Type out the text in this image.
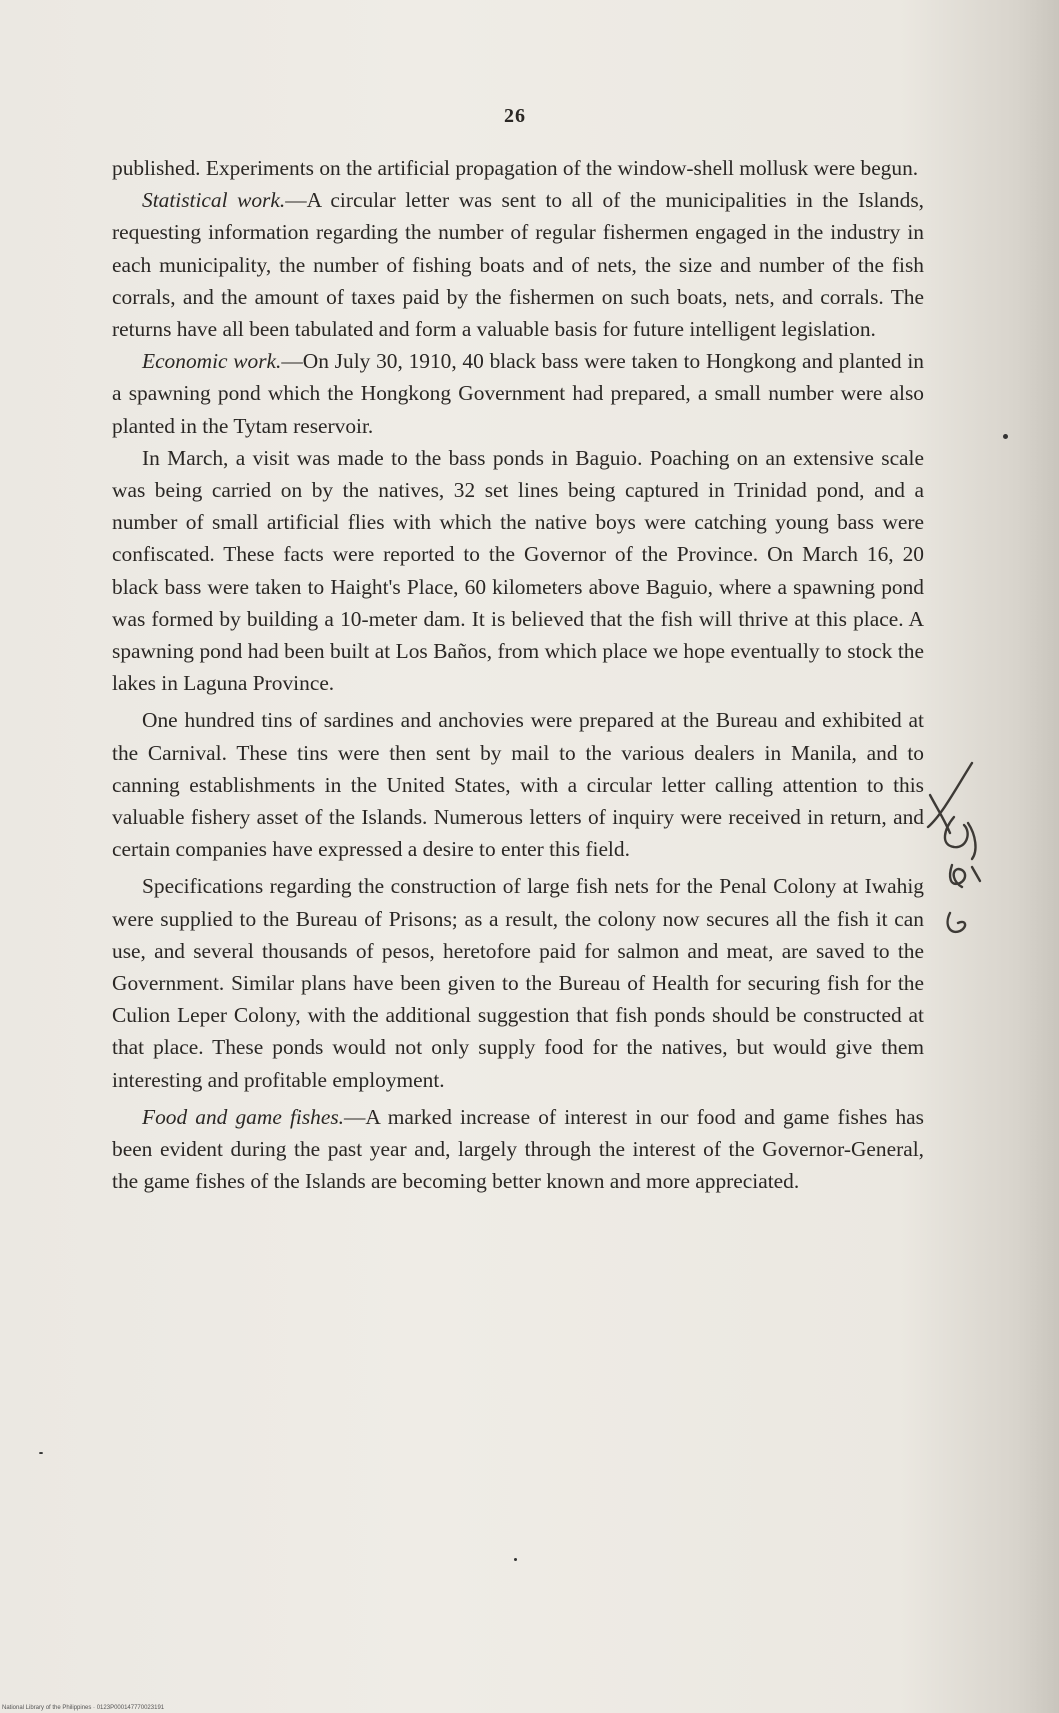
26

published. Experiments on the artificial propagation of the window-shell mollusk were begun.

Statistical work.—A circular letter was sent to all of the municipalities in the Islands, requesting information regarding the number of regular fishermen engaged in the industry in each municipality, the number of fishing boats and of nets, the size and number of the fish corrals, and the amount of taxes paid by the fishermen on such boats, nets, and corrals. The returns have all been tabulated and form a valuable basis for future intelligent legislation.

Economic work.—On July 30, 1910, 40 black bass were taken to Hongkong and planted in a spawning pond which the Hongkong Government had prepared, a small number were also planted in the Tytam reservoir.

In March, a visit was made to the bass ponds in Baguio. Poaching on an extensive scale was being carried on by the natives, 32 set lines being captured in Trinidad pond, and a number of small artificial flies with which the native boys were catching young bass were confiscated. These facts were reported to the Governor of the Province. On March 16, 20 black bass were taken to Haight's Place, 60 kilometers above Baguio, where a spawning pond was formed by building a 10-meter dam. It is believed that the fish will thrive at this place. A spawning pond had been built at Los Baños, from which place we hope eventually to stock the lakes in Laguna Province.

One hundred tins of sardines and anchovies were prepared at the Bureau and exhibited at the Carnival. These tins were then sent by mail to the various dealers in Manila, and to canning establishments in the United States, with a circular letter calling attention to this valuable fishery asset of the Islands. Numerous letters of inquiry were received in return, and certain companies have expressed a desire to enter this field.

Specifications regarding the construction of large fish nets for the Penal Colony at Iwahig were supplied to the Bureau of Prisons; as a result, the colony now secures all the fish it can use, and several thousands of pesos, heretofore paid for salmon and meat, are saved to the Government. Similar plans have been given to the Bureau of Health for securing fish for the Culion Leper Colony, with the additional suggestion that fish ponds should be constructed at that place. These ponds would not only supply food for the natives, but would give them interesting and profitable employment.

Food and game fishes.—A marked increase of interest in our food and game fishes has been evident during the past year and, largely through the interest of the Governor-General, the game fishes of the Islands are becoming better known and more appreciated.

National Library of the Philippines · 0123P000147770023191
